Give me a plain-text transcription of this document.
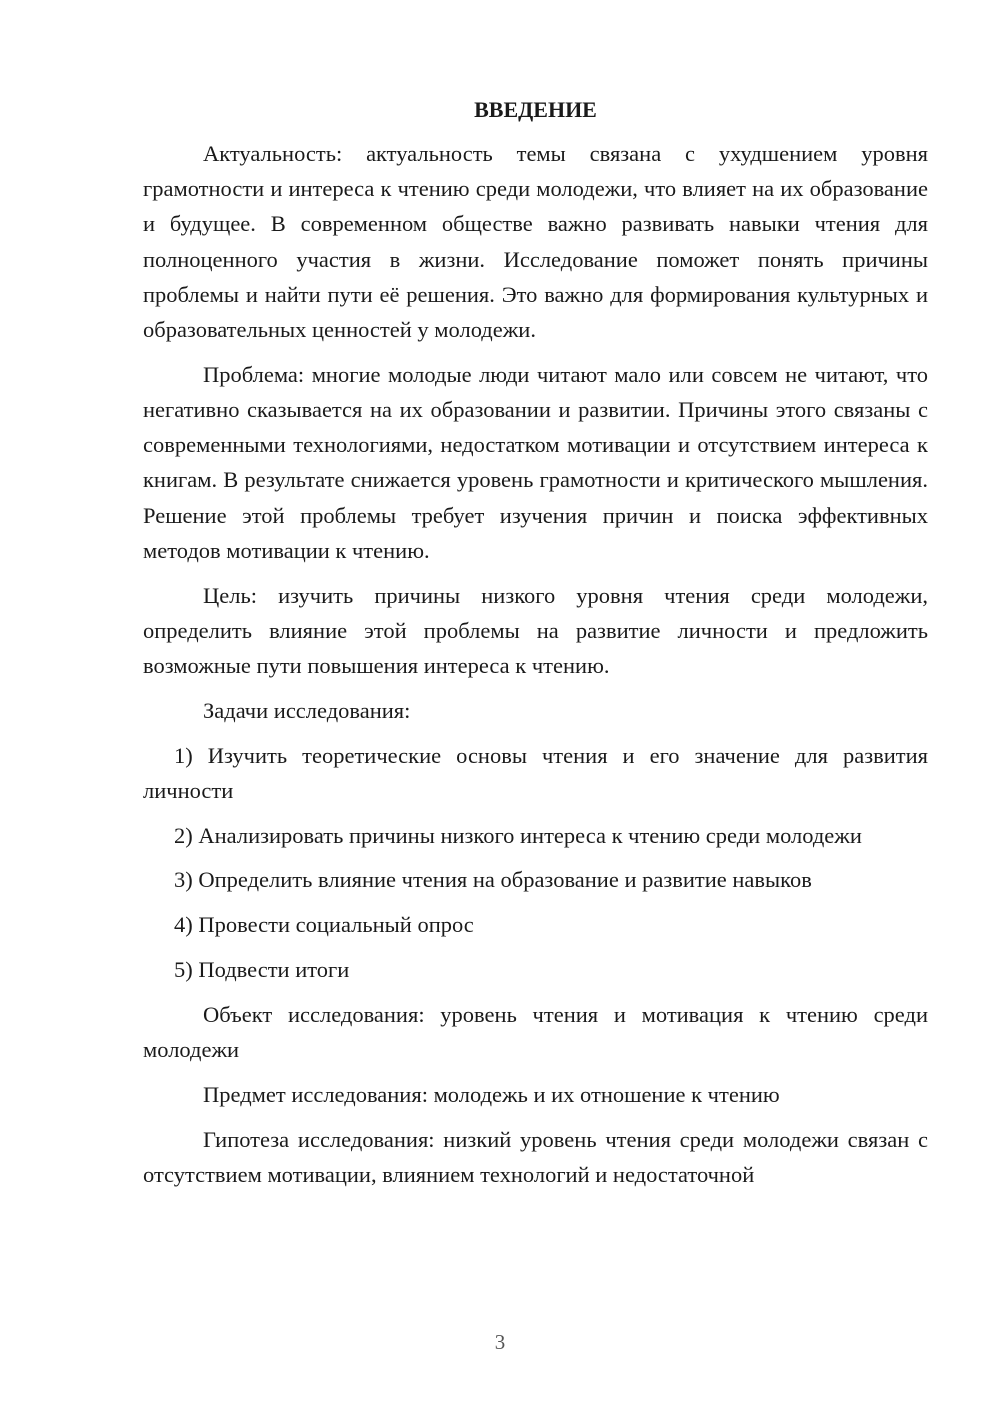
ВВЕДЕНИЕ

Актуальность: актуальность темы связана с ухудшением уровня грамотности и интереса к чтению среди молодежи, что влияет на их образование и будущее. В современном обществе важно развивать навыки чтения для полноценного участия в жизни. Исследование поможет понять причины проблемы и найти пути её решения. Это важно для формирования культурных и образовательных ценностей у молодежи.

Проблема: многие молодые люди читают мало или совсем не читают, что негативно сказывается на их образовании и развитии. Причины этого связаны с современными технологиями, недостатком мотивации и отсутствием интереса к книгам. В результате снижается уровень грамотности и критического мышления. Решение этой проблемы требует изучения причин и поиска эффективных методов мотивации к чтению.

Цель: изучить причины низкого уровня чтения среди молодежи, определить влияние этой проблемы на развитие личности и предложить возможные пути повышения интереса к чтению.

Задачи исследования:

1) Изучить теоретические основы чтения и его значение для развития личности

2) Анализировать причины низкого интереса к чтению среди молодежи

3) Определить влияние чтения на образование и развитие навыков

4) Провести социальный опрос

5) Подвести итоги

Объект исследования: уровень чтения и мотивация к чтению среди молодежи

Предмет исследования: молодежь и их отношение к чтению

Гипотеза исследования: низкий уровень чтения среди молодежи связан с отсутствием мотивации, влиянием технологий и недостаточной

3
